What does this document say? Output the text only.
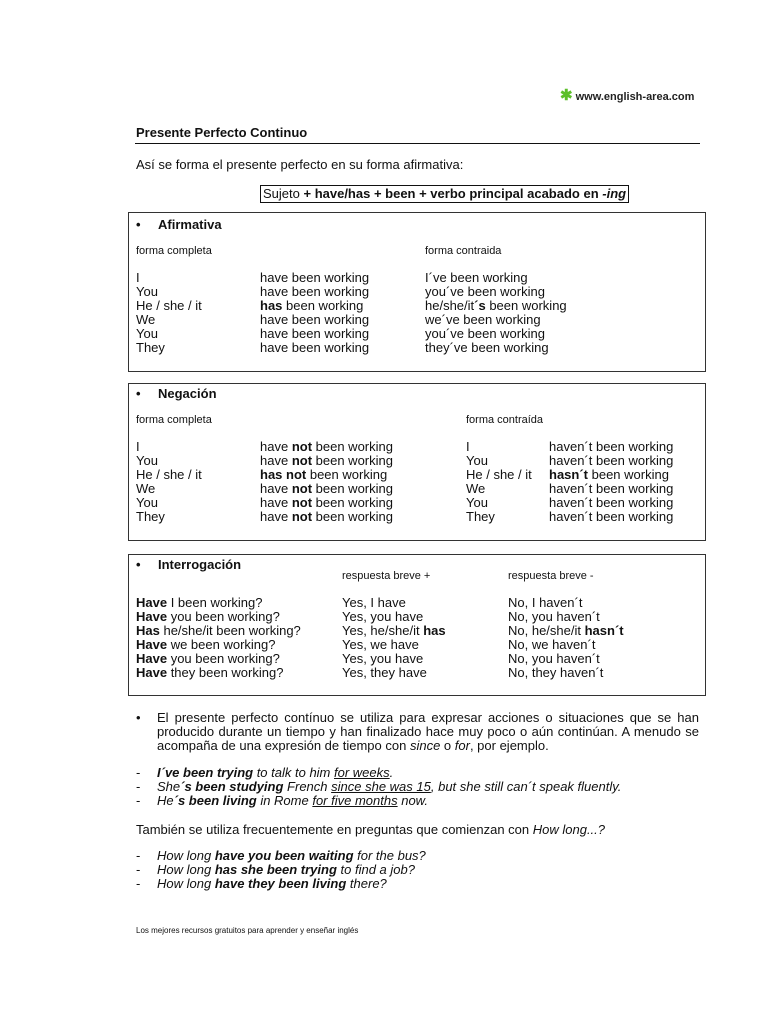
✱ www.english-area.com
Presente Perfecto Continuo
Así se forma el presente perfecto en su forma afirmativa:
Sujeto + have/has + been + verbo principal acabado en -ing
• Afirmativa
forma completa	forma contraida
I	have been working	I´ve been working
You	have been working	you´ve been working
He / she / it	has been working	he/she/it´s been working
We	have been working	we´ve been working
You	have been working	you´ve been working
They	have been working	they´ve been working
• Negación
forma completa	forma contraída
I	have not been working	I	haven´t been working
You	have not been working	You	haven´t been working
He / she / it	has not been working	He / she / it hasn´t been working
We	have not been working	We	haven´t been working
You	have not been working	You	haven´t been working
They	have not been working	They	haven´t been working
• Interrogación
respuesta breve +	respuesta breve -
Have I been working?	Yes, I have	No, I haven´t
Have you been working?	Yes, you have	No, you haven´t
Has he/she/it been working?	Yes, he/she/it has	No, he/she/it hasn´t
Have we been working?	Yes, we have	No, we haven´t
Have you been working?	Yes, you have	No, you haven´t
Have they been working?	Yes, they have	No, they haven´t
• El presente perfecto contínuo se utiliza para expresar acciones o situaciones que se han producido durante un tiempo y han finalizado hace muy poco o aún continúan. A menudo se acompaña de una expresión de tiempo con since o for, por ejemplo.
- I´ve been trying to talk to him for weeks.
- She´s been studying French since she was 15, but she still can´t speak fluently.
- He´s been living in Rome for five months now.
También se utiliza frecuentemente en preguntas que comienzan con How long...?
- How long have you been waiting for the bus?
- How long has she been trying to find a job?
- How long have they been living there?
Los mejores recursos gratuitos para aprender y enseñar inglés
